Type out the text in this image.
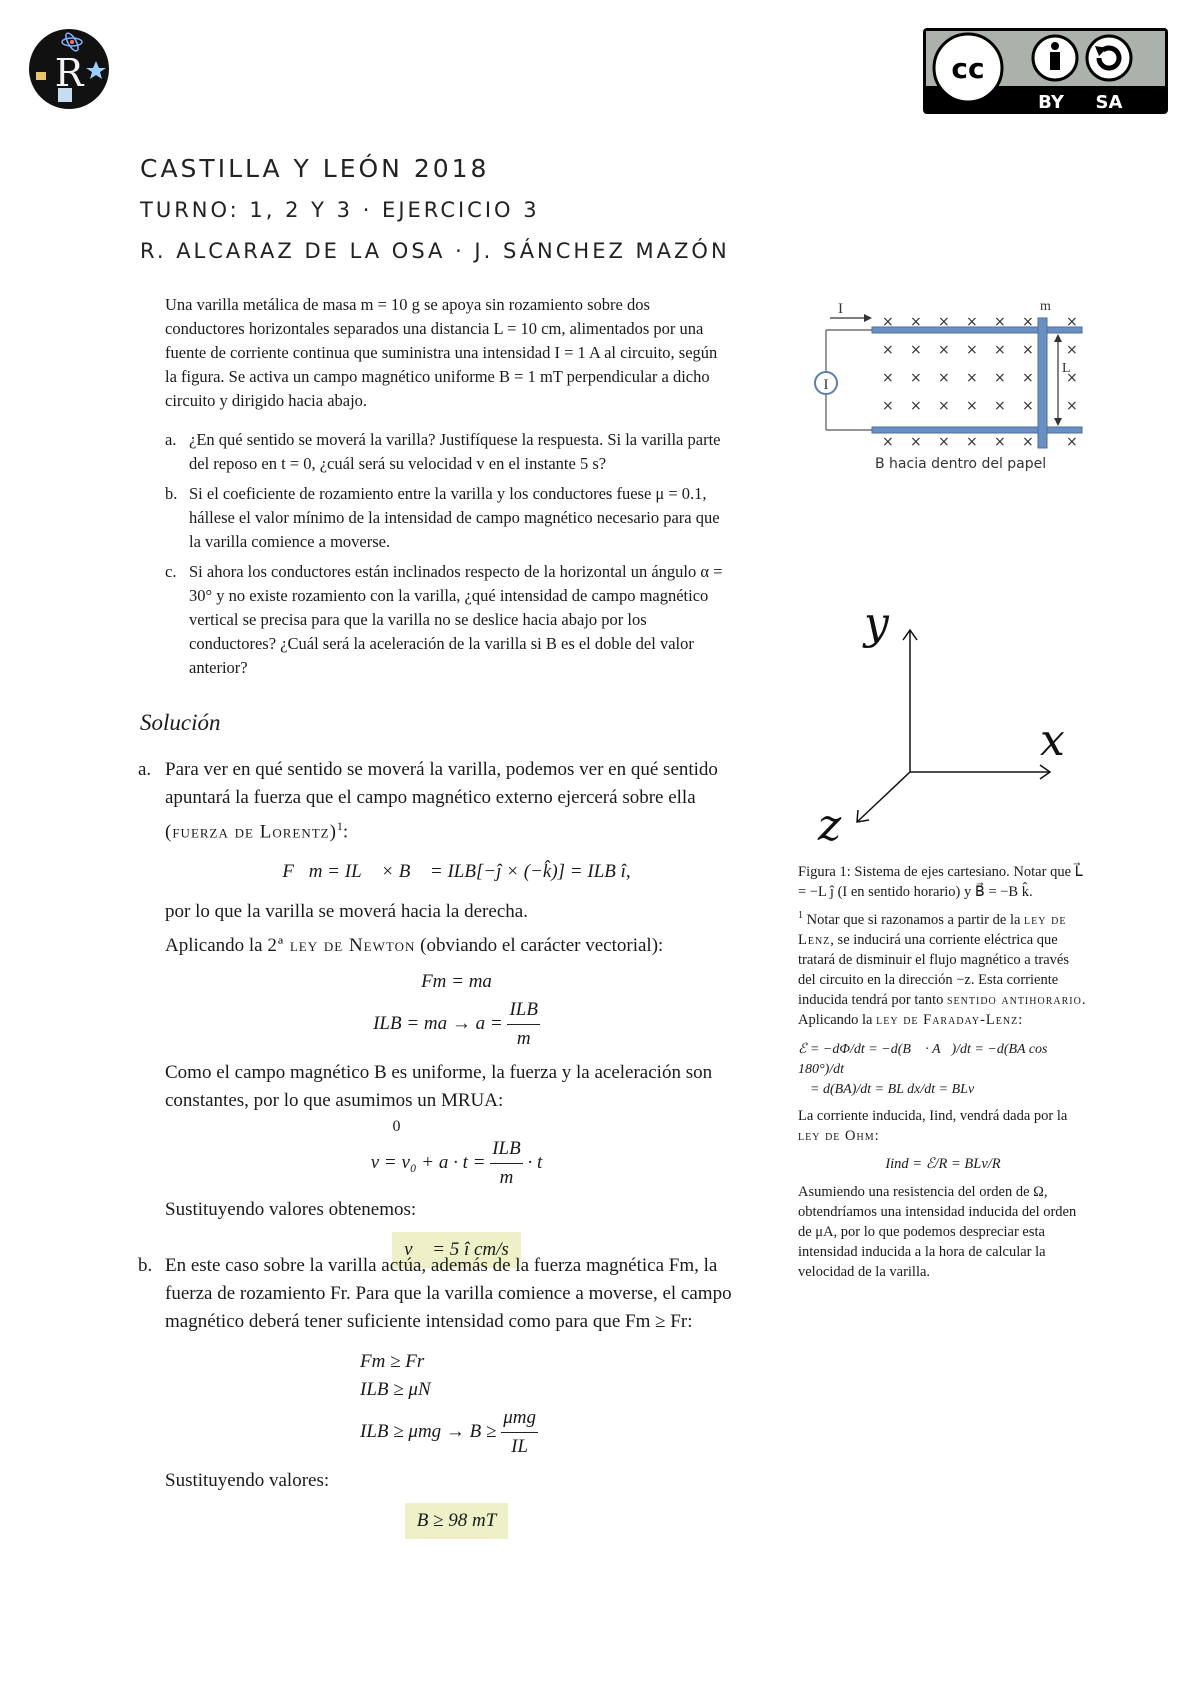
R	cc
BY SA
CASTILLA Y LEÓN 2018
TURNO: 1, 2 Y 3 · EJERCICIO 3
R. ALCARAZ DE LA OSA · J. SÁNCHEZ MAZÓN

Una varilla metálica de masa m = 10 g se apoya sin rozamiento sobre dos conductores horizontales separados una distancia L = 10 cm, alimentados por una fuente de corriente continua que suministra una intensidad I = 1 A al circuito, según la figura. Se activa un campo magnético uniforme B = 1 mT perpendicular a dicho circuito y dirigido hacia abajo.

a. ¿En qué sentido se moverá la varilla? Justifíquese la respuesta. Si la varilla parte del reposo en t = 0, ¿cuál será su velocidad v en el instante 5 s?
b. Si el coeficiente de rozamiento entre la varilla y los conductores fuese μ = 0.1, hállese el valor mínimo de la intensidad de campo magnético necesario para que la varilla comience a moverse.
c. Si ahora los conductores están inclinados respecto de la horizontal un ángulo α = 30° y no existe rozamiento con la varilla, ¿qué intensidad de campo magnético vertical se precisa para que la varilla no se deslice hacia abajo por los conductores? ¿Cuál será la aceleración de la varilla si B es el doble del valor anterior?
I
I	m
L
× × × × × × ×
× × × × × × ×
× × × × × × ×
× × × × × × ×
× × × × × × ×
B hacia dentro del papel
y
x
z
Solución
a. Para ver en qué sentido se moverá la varilla, podemos ver en qué sentido apuntará la fuerza que el campo magnético externo ejercerá sobre ella (fuerza de Lorentz)$^1$:
F⃗m = IL⃗ × B⃗ = ILB[−ĵ × (−k̂)] = ILB î,
por lo que la varilla se moverá hacia la derecha.
Aplicando la 2ª ley de Newton (obviando el carácter vectorial):
Fm = ma
ILB = ma → $a = \frac{\text{ILB}}{m}$
Como el campo magnético B es uniforme, la fuerza y la aceleración son constantes, por lo que asumimos un MRUA:
0
$v = v_0 + a \cdot t = \frac{\text{ILB}}{m} \cdot t$
Sustituyendo valores obtenemos:
v⃗ = 5 î cm/s
b. En este caso sobre la varilla actúa, además de la fuerza magnética Fm, la fuerza de rozamiento Fr. Para que la varilla comience a moverse, el campo magnético deberá tener suficiente intensidad como para que Fm ≥ Fr:
Fm ≥ Fr
ILB ≥ μN
ILB ≥ $\mu mg \to B \ge \frac{\text{μmg}}{IL}$
Sustituyendo valores:
B ≥ 98 mT
Figura 1: Sistema de ejes cartesiano. Notar que L⃗ = −L ĵ (I en sentido horario) y B⃗ = −B k̂.
$^1$ Notar que si razonamos a partir de la ley de Lenz, se inducirá una corriente eléctrica que tratará de disminuir el flujo magnético a través del circuito en la dirección −z. Esta corriente inducida tendrá por tanto sentido antihorario. Aplicando la ley de Faraday-Lenz:
ℰ = −dΦ/dt = −d(B⃗ · A⃗)/dt = −d(BA cos 180°)/dt
= d(BA)/dt = BL dx/dt = BLv
La corriente inducida, Iind, vendrá dada por la ley de Ohm:
Iind = ℰ/R = BLv/R
Asumiendo una resistencia del orden de Ω, obtendríamos una intensidad inducida del orden de μA, por lo que podemos despreciar esta intensidad inducida a la hora de calcular la velocidad de la varilla.
